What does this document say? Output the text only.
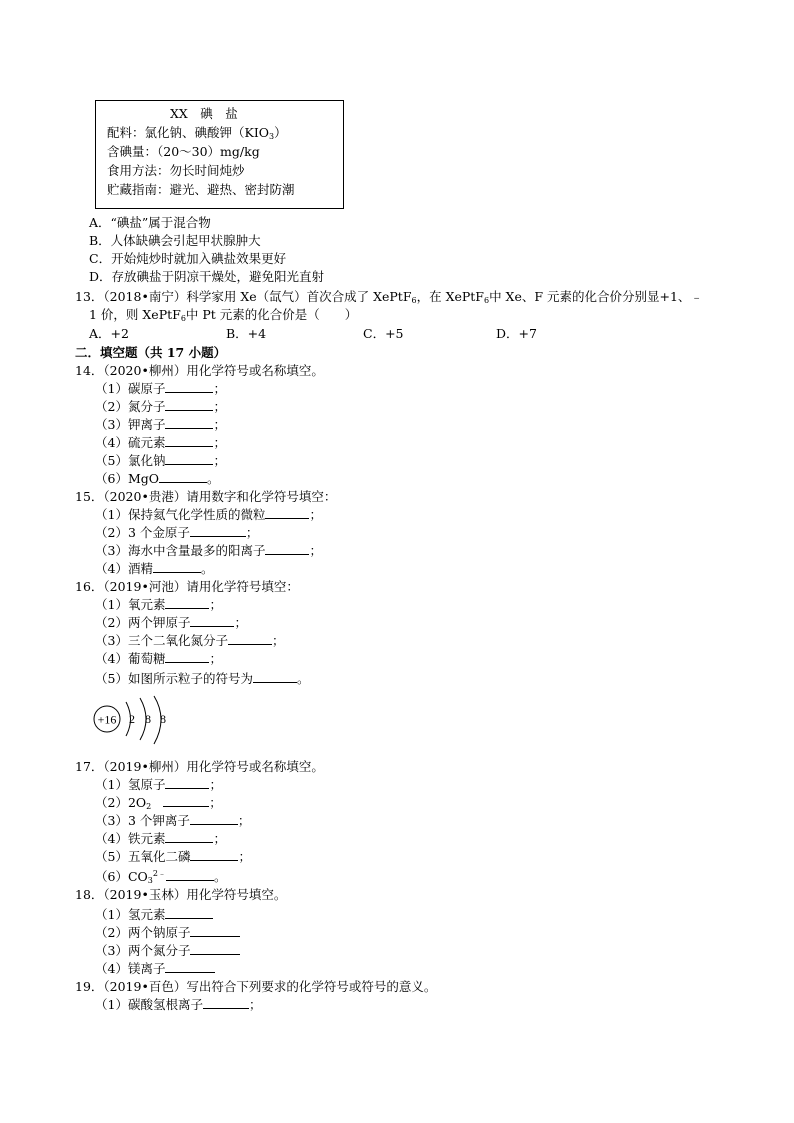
XX　碘　盐
配料：氯化钠、碘酸钾$(KIO_3)$
含碘量：（20～30）mg/kg
食用方法：勿长时间炖炒
贮藏指南：避光、避热、密封防潮
A．“碘盐”属于混合物
B．人体缺碘会引起甲状腺肿大
C．开始炖炒时就加入碘盐效果更好
D．存放碘盐于阴凉干燥处，避免阳光直射
13．（2018•南宁）科学家用 Xe（氙气）首次合成了 XePtF$_6$，在 XePtF$_6$中 Xe、F 元素的化合价分别显+1、﹣
1 价，则 XePtF$_6$中 Pt 元素的化合价是（　　）
A．+2	B．+4	C．+5	D．+7
二．填空题（共 17 小题）
14．（2020•柳州）用化学符号或名称填空。
（1）碳原子	；
（2）氮分子	；
（3）钾离子	；
（4）硫元素	；
（5）氯化钠	；
（6）MgO	。
15．（2020•贵港）请用数字和化学符号填空：
（1）保持氦气化学性质的微粒	；
（2）3 个金原子	；
（3）海水中含量最多的阳离子	；
（4）酒精	。
16．（2019•河池）请用化学符号填空：
（1）氧元素	；
（2）两个钾原子	；
（3）三个二氧化氮分子	；
（4）葡萄糖	；
（5）如图所示粒子的符号为	。
+16 2 8 8
17．（2019•柳州）用化学符号或名称填空。
（1）氢原子	；
$(2)2O_2$	；
（3）3 个钾离子	；
（4）铁元素	；
（5）五氧化二磷	；
$(6)CO_3^{2﹣}$	。
18．（2019•玉林）用化学符号填空。
（1）氢元素
（2）两个钠原子
（3）两个氮分子
（4）镁离子
19．（2019•百色）写出符合下列要求的化学符号或符号的意义。
（1）碳酸氢根离子	；
